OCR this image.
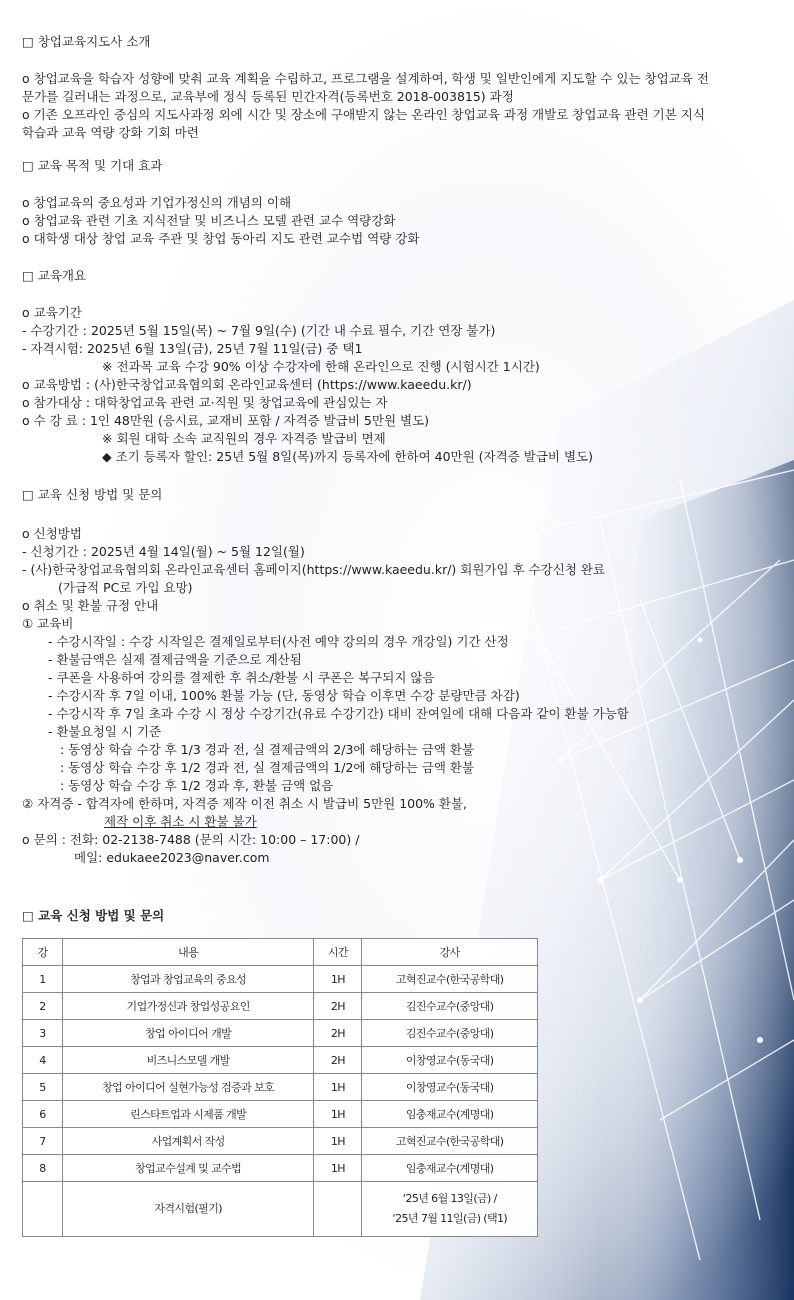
□ 창업교육지도사 소개
o 창업교육을 학습자 성향에 맞춰 교육 계획을 수립하고, 프로그램을 설계하여, 학생 및 일반인에게 지도할 수 있는 창업교육 전
문가를 길러내는 과정으로, 교육부에 정식 등록된 민간자격(등록번호 2018-003815) 과정
o 기존 오프라인 중심의 지도사과정 외에 시간 및 장소에 구애받지 않는 온라인 창업교육 과정 개발로 창업교육 관련 기본 지식
학습과 교육 역량 강화 기회 마련
□ 교육 목적 및 기대 효과
o 창업교육의 중요성과 기업가정신의 개념의 이해
o 창업교육 관련 기초 지식전달 및 비즈니스 모델 관련 교수 역량강화
o 대학생 대상 창업 교육 주관 및 창업 동아리 지도 관련 교수법 역량 강화
□ 교육개요
o 교육기간
- 수강기간 : 2025년 5월 15일(목) ~ 7월 9일(수) (기간 내 수료 필수, 기간 연장 불가)
- 자격시험: 2025년 6월 13일(금), 25년 7월 11일(금) 중 택1
※ 전과목 교육 수강 90% 이상 수강자에 한해 온라인으로 진행 (시험시간 1시간)
o 교육방법 : (사)한국창업교육협의회 온라인교육센터 (https://www.kaeedu.kr/)
o 참가대상 : 대학창업교육 관련 교·직원 및 창업교육에 관심있는 자
o 수 강 료 : 1인 48만원 (응시료, 교재비 포함 / 자격증 발급비 5만원 별도)
※ 회원 대학 소속 교직원의 경우 자격증 발급비 면제
◆ 조기 등록자 할인: 25년 5월 8일(목)까지 등록자에 한하여 40만원 (자격증 발급비 별도)
□ 교육 신청 방법 및 문의
o 신청방법
- 신청기간 : 2025년 4월 14일(월) ~ 5월 12일(월)
- (사)한국창업교육협의회 온라인교육센터 홈페이지(https://www.kaeedu.kr/) 회원가입 후 수강신청 완료
(가급적 PC로 가입 요망)
o 취소 및 환불 규정 안내
① 교육비
- 수강시작일 : 수강 시작일은 결제일로부터(사전 예약 강의의 경우 개강일) 기간 산정
- 환불금액은 실제 결제금액을 기준으로 계산됨
- 쿠폰을 사용하여 강의를 결제한 후 취소/환불 시 쿠폰은 복구되지 않음
- 수강시작 후 7일 이내, 100% 환불 가능 (단, 동영상 학습 이후면 수강 분량만큼 차감)
- 수강시작 후 7일 초과 수강 시 정상 수강기간(유료 수강기간) 대비 잔여일에 대해 다음과 같이 환불 가능함
- 환불요청일 시 기준
: 동영상 학습 수강 후 1/3 경과 전, 실 결제금액의 2/3에 해당하는 금액 환불
: 동영상 학습 수강 후 1/2 경과 전, 실 결제금액의 1/2에 해당하는 금액 환불
: 동영상 학습 수강 후 1/2 경과 후, 환불 금액 없음
② 자격증 - 합격자에 한하며, 자격증 제작 이전 취소 시 발급비 5만원 100% 환불,
제작 이후 취소 시 환불 불가
o 문의 : 전화: 02-2138-7488 (문의 시간: 10:00 – 17:00) /
메일: edukaee2023@naver.com
□ 교육 신청 방법 및 문의
강	내용	시간	강사
1	창업과 창업교육의 중요성	1H	고혁진교수(한국공학대)
2	기업가정신과 창업성공요인	2H	김진수교수(중앙대)
3	창업 아이디어 개발	2H	김진수교수(중앙대)
4	비즈니스모델 개발	2H	이창영교수(동국대)
5	창업 아이디어 실현가능성 검증과 보호	1H	이창영교수(동국대)
6	린스타트업과 시제품 개발	1H	임충재교수(계명대)
7	사업계획서 작성	1H	고혁진교수(한국공학대)
8	창업교수설계 및 교수법	1H	임충재교수(계명대)
	자격시험(필기)		‘25년 6월 13일(금) /
‘25년 7월 11일(금) (택1)
